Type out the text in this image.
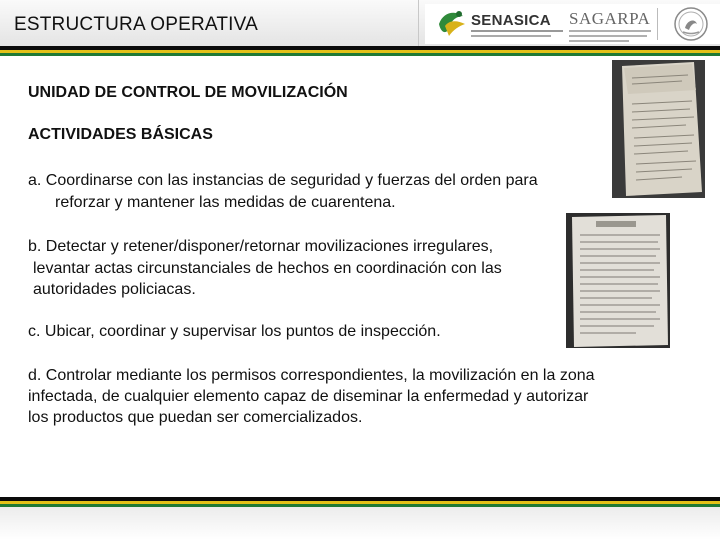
ESTRUCTURA OPERATIVA	SENASICA SAGARPA
UNIDAD DE CONTROL DE MOVILIZACIÓN
ACTIVIDADES BÁSICAS
a. Coordinarse con las instancias de seguridad y fuerzas del orden para
reforzar y mantener las medidas de cuarentena.
b. Detectar y retener/disponer/retornar movilizaciones irregulares,
levantar actas circunstanciales de hechos en coordinación con las
autoridades policiacas.
c. Ubicar, coordinar y supervisar los puntos de inspección.
d. Controlar mediante los permisos correspondientes, la movilización en la zona
infectada, de cualquier elemento capaz de diseminar la enfermedad y autorizar
los productos que puedan ser comercializados.
